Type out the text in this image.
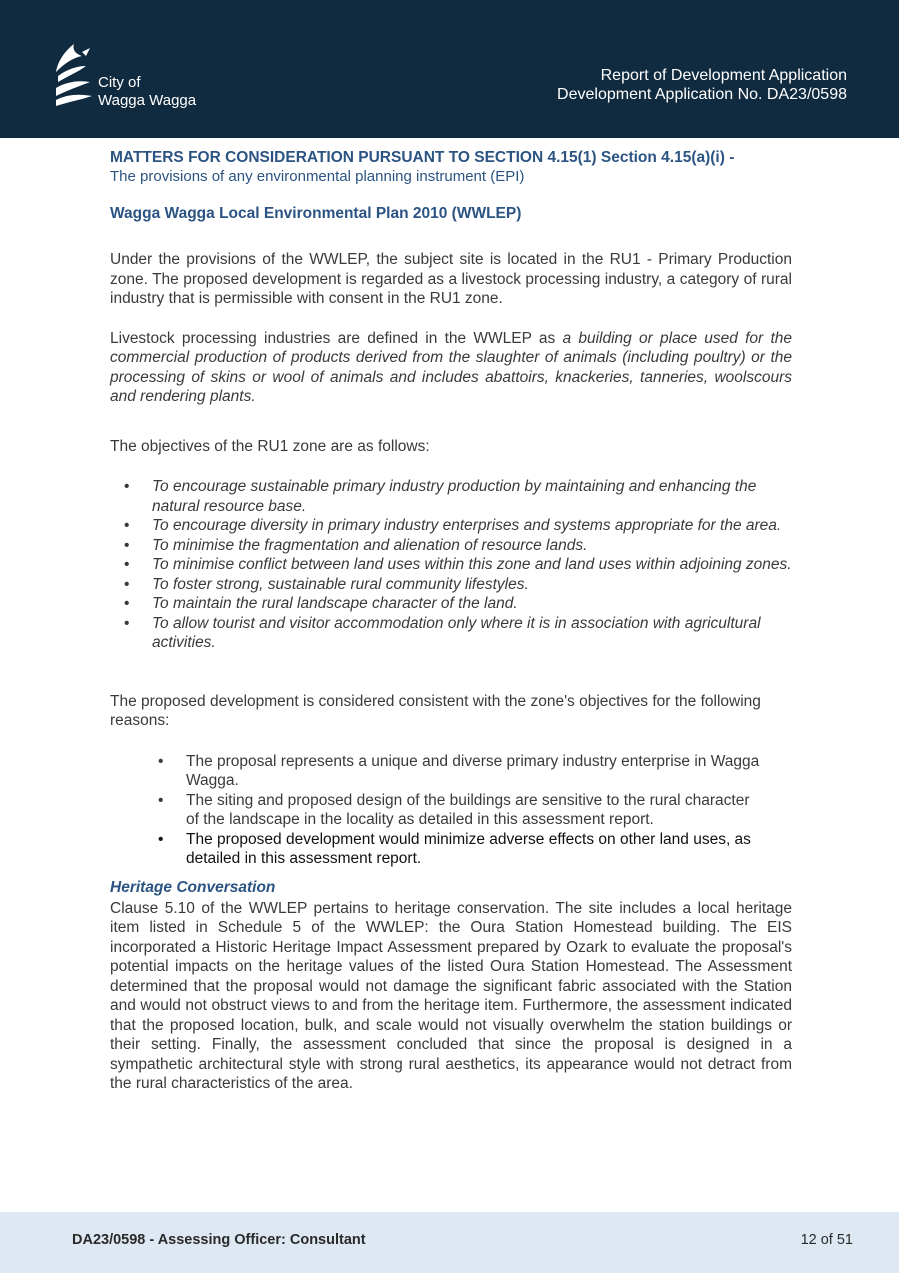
City of
Wagga Wagga
Report of Development Application
Development Application No. DA23/0598
MATTERS FOR CONSIDERATION PURSUANT TO SECTION 4.15(1) Section 4.15(a)(i) -
The provisions of any environmental planning instrument (EPI)
Wagga Wagga Local Environmental Plan 2010 (WWLEP)

Under the provisions of the WWLEP, the subject site is located in the RU1 - Primary Production zone. The proposed development is regarded as a livestock processing industry, a category of rural industry that is permissible with consent in the RU1 zone.

Livestock processing industries are defined in the WWLEP as a building or place used for the commercial production of products derived from the slaughter of animals (including poultry) or the processing of skins or wool of animals and includes abattoirs, knackeries, tanneries, woolscours and rendering plants.

The objectives of the RU1 zone are as follows:

• To encourage sustainable primary industry production by maintaining and enhancing the natural resource base.
• To encourage diversity in primary industry enterprises and systems appropriate for the area.
• To minimise the fragmentation and alienation of resource lands.
• To minimise conflict between land uses within this zone and land uses within adjoining zones.
• To foster strong, sustainable rural community lifestyles.
• To maintain the rural landscape character of the land.
• To allow tourist and visitor accommodation only where it is in association with agricultural activities.

The proposed development is considered consistent with the zone's objectives for the following reasons:

• The proposal represents a unique and diverse primary industry enterprise in Wagga Wagga.
• The siting and proposed design of the buildings are sensitive to the rural character of the landscape in the locality as detailed in this assessment report.
• The proposed development would minimize adverse effects on other land uses, as detailed in this assessment report.
Heritage Conversation

Clause 5.10 of the WWLEP pertains to heritage conservation. The site includes a local heritage item listed in Schedule 5 of the WWLEP: the Oura Station Homestead building. The EIS incorporated a Historic Heritage Impact Assessment prepared by Ozark to evaluate the proposal's potential impacts on the heritage values of the listed Oura Station Homestead. The Assessment determined that the proposal would not damage the significant fabric associated with the Station and would not obstruct views to and from the heritage item. Furthermore, the assessment indicated that the proposed location, bulk, and scale would not visually overwhelm the station buildings or their setting. Finally, the assessment concluded that since the proposal is designed in a sympathetic architectural style with strong rural aesthetics, its appearance would not detract from the rural characteristics of the area.

DA23/0598 - Assessing Officer: Consultant	12 of 51
